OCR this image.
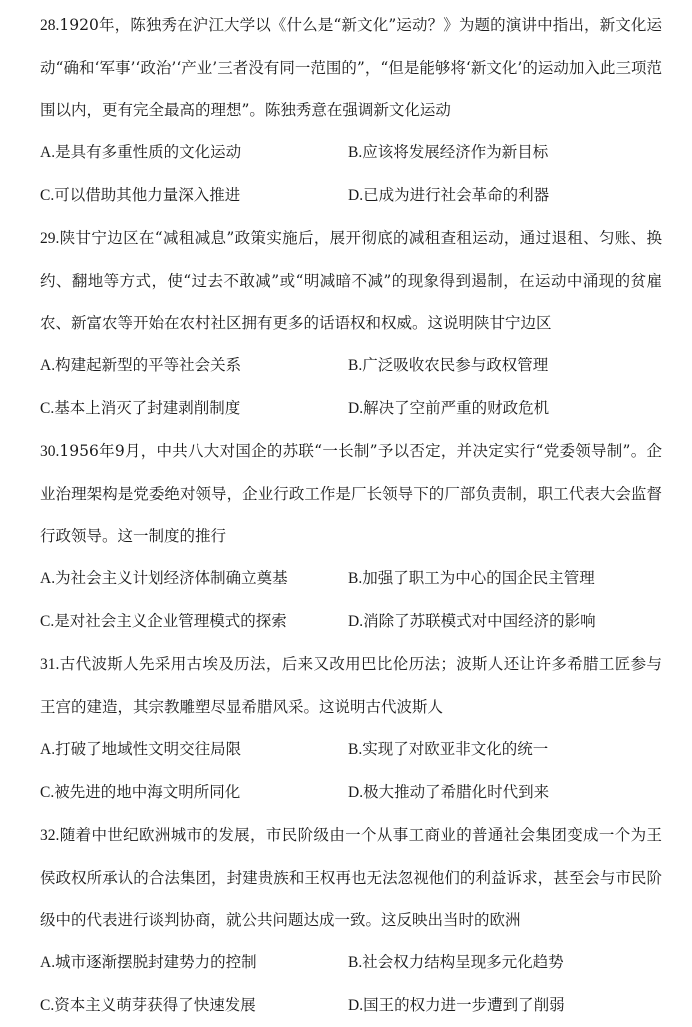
28.1920年，陈独秀在沪江大学以《什么是“新文化”运动？》为题的演讲中指出，新文化运动“确和‘军事’‘政治’‘产业’三者没有同一范围的”，“但是能够将‘新文化’的运动加入此三项范围以内，更有完全最高的理想”。陈独秀意在强调新文化运动

A.是具有多重性质的文化运动	B.应该将发展经济作为新目标
C.可以借助其他力量深入推进	D.已成为进行社会革命的利器

29.陕甘宁边区在“减租减息”政策实施后，展开彻底的减租查租运动，通过退租、匀账、换约、翻地等方式，使“过去不敢减”或“明减暗不减”的现象得到遏制，在运动中涌现的贫雇农、新富农等开始在农村社区拥有更多的话语权和权威。这说明陕甘宁边区

A.构建起新型的平等社会关系	B.广泛吸收农民参与政权管理
C.基本上消灭了封建剥削制度	D.解决了空前严重的财政危机

30.1956年9月，中共八大对国企的苏联“一长制”予以否定，并决定实行“党委领导制”。企业治理架构是党委绝对领导，企业行政工作是厂长领导下的厂部负责制，职工代表大会监督行政领导。这一制度的推行

A.为社会主义计划经济体制确立奠基	B.加强了职工为中心的国企民主管理
C.是对社会主义企业管理模式的探索	D.消除了苏联模式对中国经济的影响

31.古代波斯人先采用古埃及历法，后来又改用巴比伦历法；波斯人还让许多希腊工匠参与王宫的建造，其宗教雕塑尽显希腊风采。这说明古代波斯人

A.打破了地域性文明交往局限	B.实现了对欧亚非文化的统一
C.被先进的地中海文明所同化	D.极大推动了希腊化时代到来

32.随着中世纪欧洲城市的发展，市民阶级由一个从事工商业的普通社会集团变成一个为王侯政权所承认的合法集团，封建贵族和王权再也无法忽视他们的利益诉求，甚至会与市民阶级中的代表进行谈判协商，就公共问题达成一致。这反映出当时的欧洲

A.城市逐渐摆脱封建势力的控制	B.社会权力结构呈现多元化趋势
C.资本主义萌芽获得了快速发展	D.国王的权力进一步遭到了削弱
